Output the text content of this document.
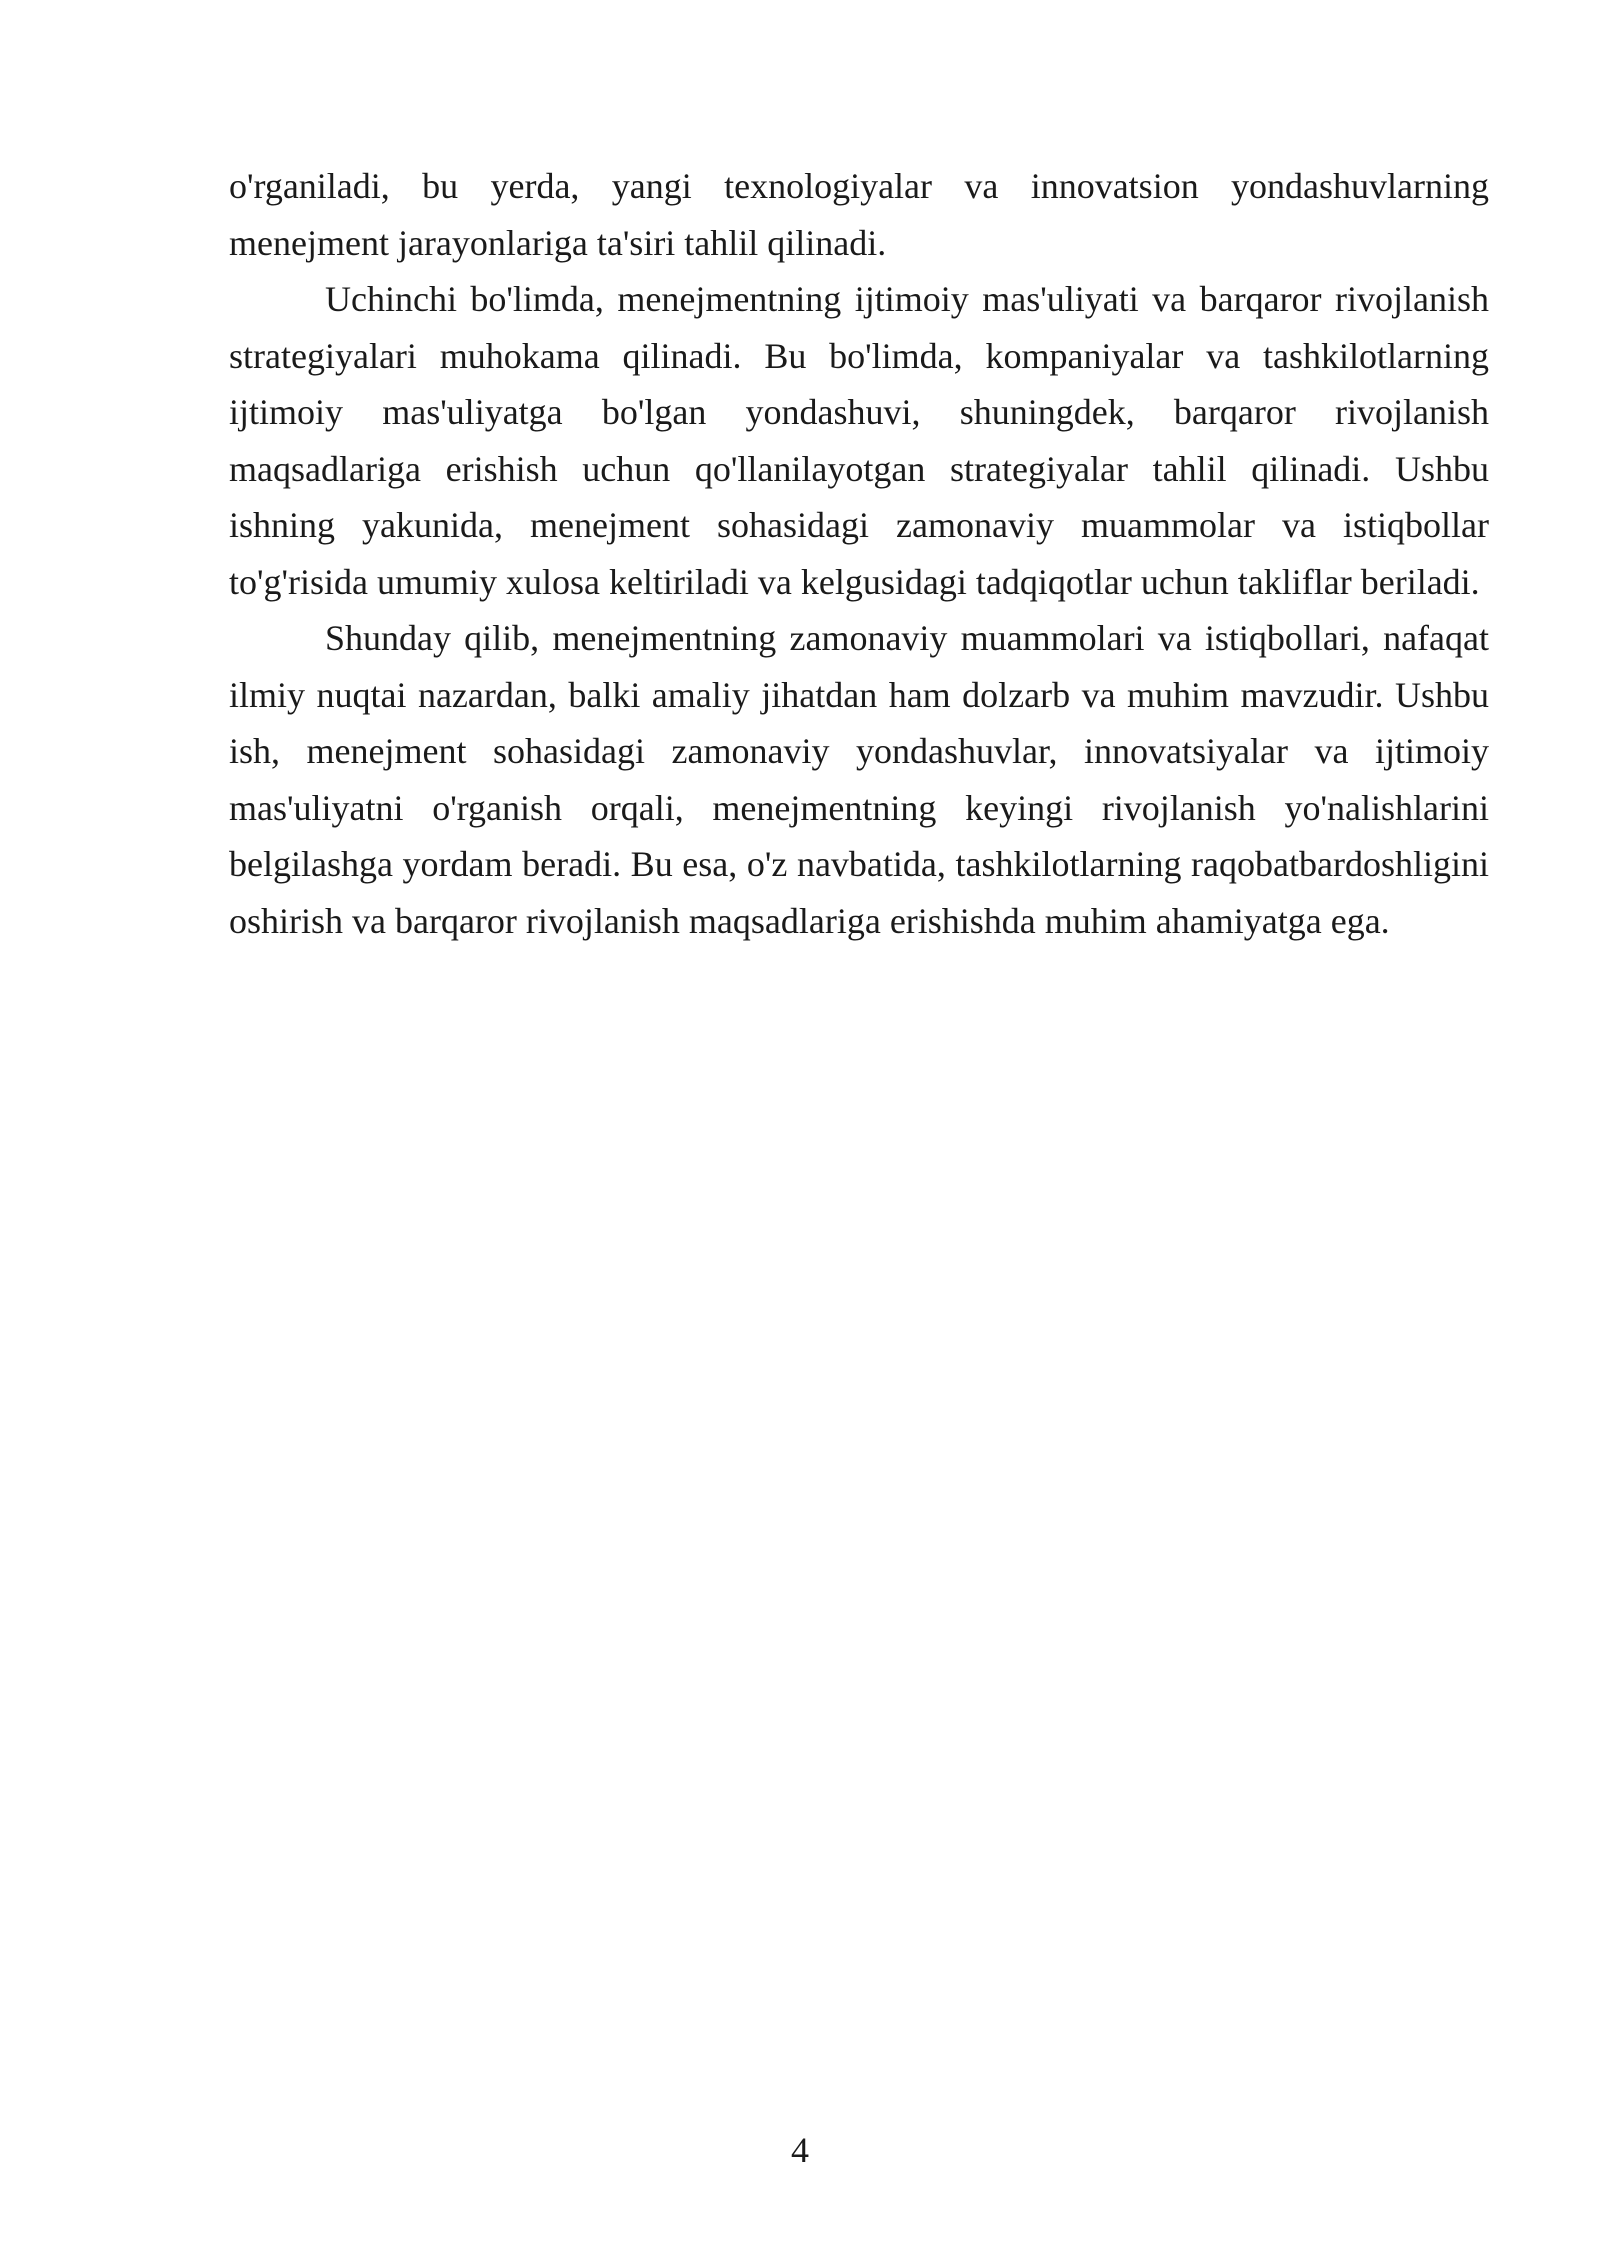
o'rganiladi, bu yerda, yangi texnologiyalar va innovatsion yondashuvlarning menejment jarayonlariga ta'siri tahlil qilinadi.

Uchinchi bo'limda, menejmentning ijtimoiy mas'uliyati va barqaror rivojlanish strategiyalari muhokama qilinadi. Bu bo'limda, kompaniyalar va tashkilotlarning ijtimoiy mas'uliyatga bo'lgan yondashuvi, shuningdek, barqaror rivojlanish maqsadlariga erishish uchun qo'llanilayotgan strategiyalar tahlil qilinadi. Ushbu ishning yakunida, menejment sohasidagi zamonaviy muammolar va istiqbollar to'g'risida umumiy xulosa keltiriladi va kelgusidagi tadqiqotlar uchun takliflar beriladi.

Shunday qilib, menejmentning zamonaviy muammolari va istiqbollari, nafaqat ilmiy nuqtai nazardan, balki amaliy jihatdan ham dolzarb va muhim mavzudir. Ushbu ish, menejment sohasidagi zamonaviy yondashuvlar, innovatsiyalar va ijtimoiy mas'uliyatni o'rganish orqali, menejmentning keyingi rivojlanish yo'nalishlarini belgilashga yordam beradi. Bu esa, o'z navbatida, tashkilotlarning raqobatbardoshligini oshirish va barqaror rivojlanish maqsadlariga erishishda muhim ahamiyatga ega.

4
